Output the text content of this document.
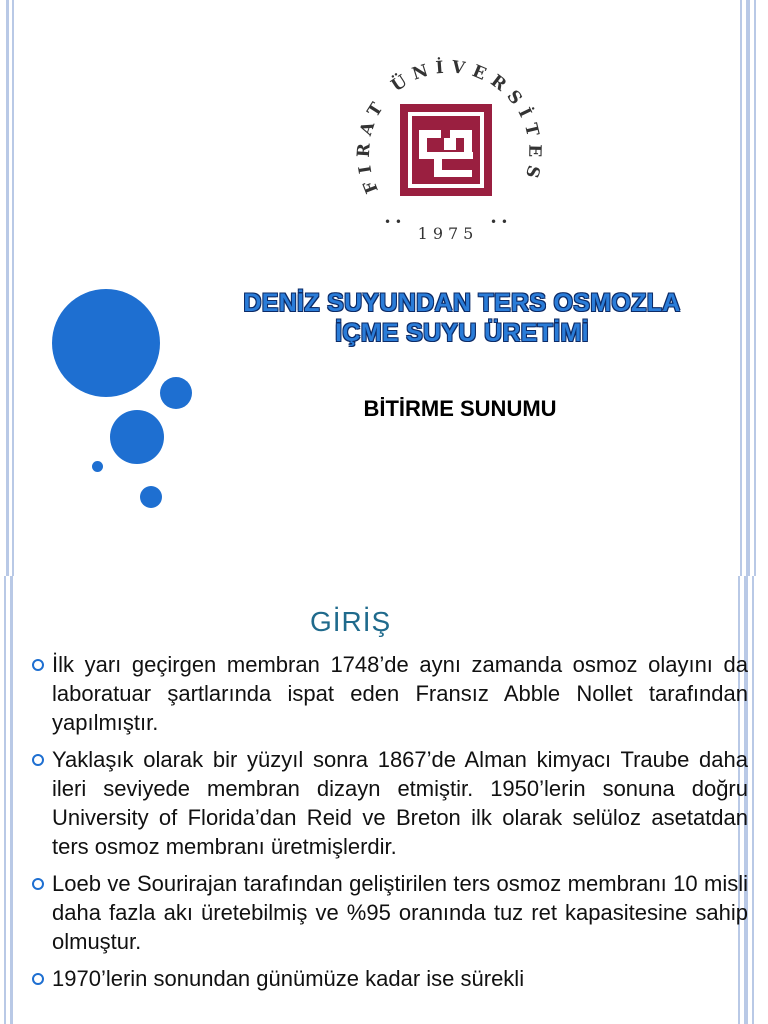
FIRAT ÜNİVERSİTES
1975
• •	• •
DENİZ SUYUNDAN TERS OSMOZLA
İÇME SUYU ÜRETİMİ
BİTİRME SUNUMU
GİRİŞ
İlk yarı geçirgen membran 1748’de aynı zamanda osmoz olayını da laboratuar şartlarında ispat eden Fransız Abble Nollet tarafından yapılmıştır.
Yaklaşık olarak bir yüzyıl sonra 1867’de Alman kimyacı Traube daha ileri seviyede membran dizayn etmiştir. 1950’lerin sonuna doğru University of Florida’dan Reid ve Breton ilk olarak selüloz asetatdan ters osmoz membranı üretmişlerdir.
Loeb ve Sourirajan tarafından geliştirilen ters osmoz membranı 10 misli daha fazla akı üretebilmiş ve %95 oranında tuz ret kapasitesine sahip olmuştur.
1970’lerin sonundan günümüze kadar ise sürekli
